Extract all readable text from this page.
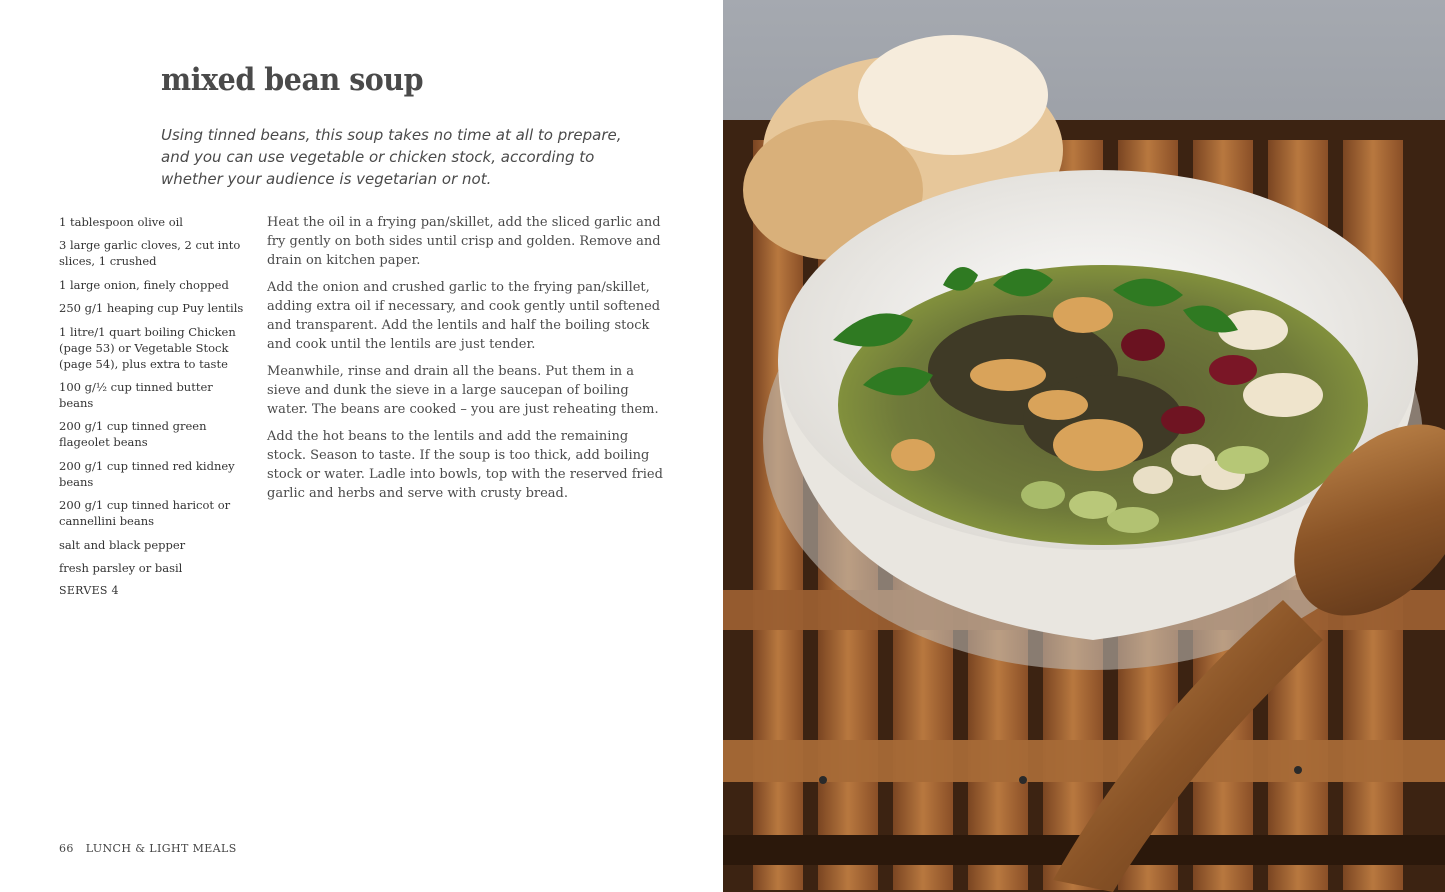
mixed bean soup

Using tinned beans, this soup takes no time at all to prepare, and you can use vegetable or chicken stock, according to whether your audience is vegetarian or not.

1 tablespoon olive oil
3 large garlic cloves, 2 cut into slices, 1 crushed
1 large onion, finely chopped
250 g/1 heaping cup Puy lentils
1 litre/1 quart boiling Chicken (page 53) or Vegetable Stock (page 54), plus extra to taste
100 g/½ cup tinned butter beans
200 g/1 cup tinned green flageolet beans
200 g/1 cup tinned red kidney beans
200 g/1 cup tinned haricot or cannellini beans
salt and black pepper
fresh parsley or basil
SERVES 4

Heat the oil in a frying pan/skillet, add the sliced garlic and fry gently on both sides until crisp and golden. Remove and drain on kitchen paper.

Add the onion and crushed garlic to the frying pan/skillet, adding extra oil if necessary, and cook gently until softened and transparent. Add the lentils and half the boiling stock and cook until the lentils are just tender.

Meanwhile, rinse and drain all the beans. Put them in a sieve and dunk the sieve in a large saucepan of boiling water. The beans are cooked – you are just reheating them.

Add the hot beans to the lentils and add the remaining stock. Season to taste. If the soup is too thick, add boiling stock or water. Ladle into bowls, top with the reserved fried garlic and herbs and serve with crusty bread.

66 LUNCH & LIGHT MEALS
